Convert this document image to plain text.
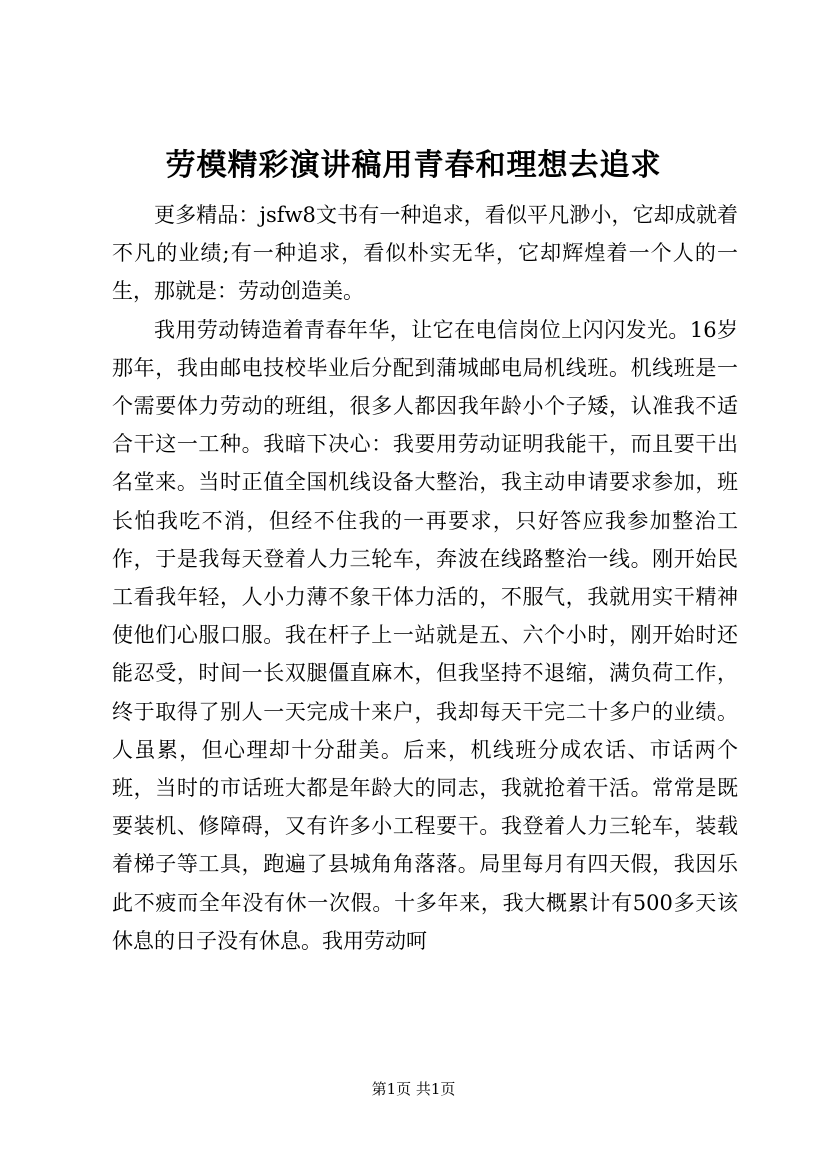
劳模精彩演讲稿用青春和理想去追求

更多精品：jsfw8文书有一种追求，看似平凡渺小，它却成就着不凡的业绩;有一种追求，看似朴实无华，它却辉煌着一个人的一生，那就是：劳动创造美。

我用劳动铸造着青春年华，让它在电信岗位上闪闪发光。16岁那年，我由邮电技校毕业后分配到蒲城邮电局机线班。机线班是一个需要体力劳动的班组，很多人都因我年龄小个子矮，认准我不适合干这一工种。我暗下决心：我要用劳动证明我能干，而且要干出名堂来。当时正值全国机线设备大整治，我主动申请要求参加，班长怕我吃不消，但经不住我的一再要求，只好答应我参加整治工作，于是我每天登着人力三轮车，奔波在线路整治一线。刚开始民工看我年轻，人小力薄不象干体力活的，不服气，我就用实干精神使他们心服口服。我在杆子上一站就是五、六个小时，刚开始时还能忍受，时间一长双腿僵直麻木，但我坚持不退缩，满负荷工作，终于取得了别人一天完成十来户，我却每天干完二十多户的业绩。人虽累，但心理却十分甜美。后来，机线班分成农话、市话两个班，当时的市话班大都是年龄大的同志，我就抢着干活。常常是既要装机、修障碍，又有许多小工程要干。我登着人力三轮车，装载着梯子等工具，跑遍了县城角角落落。局里每月有四天假，我因乐此不疲而全年没有休一次假。十多年来，我大概累计有500多天该休息的日子没有休息。我用劳动呵

第1页 共1页
